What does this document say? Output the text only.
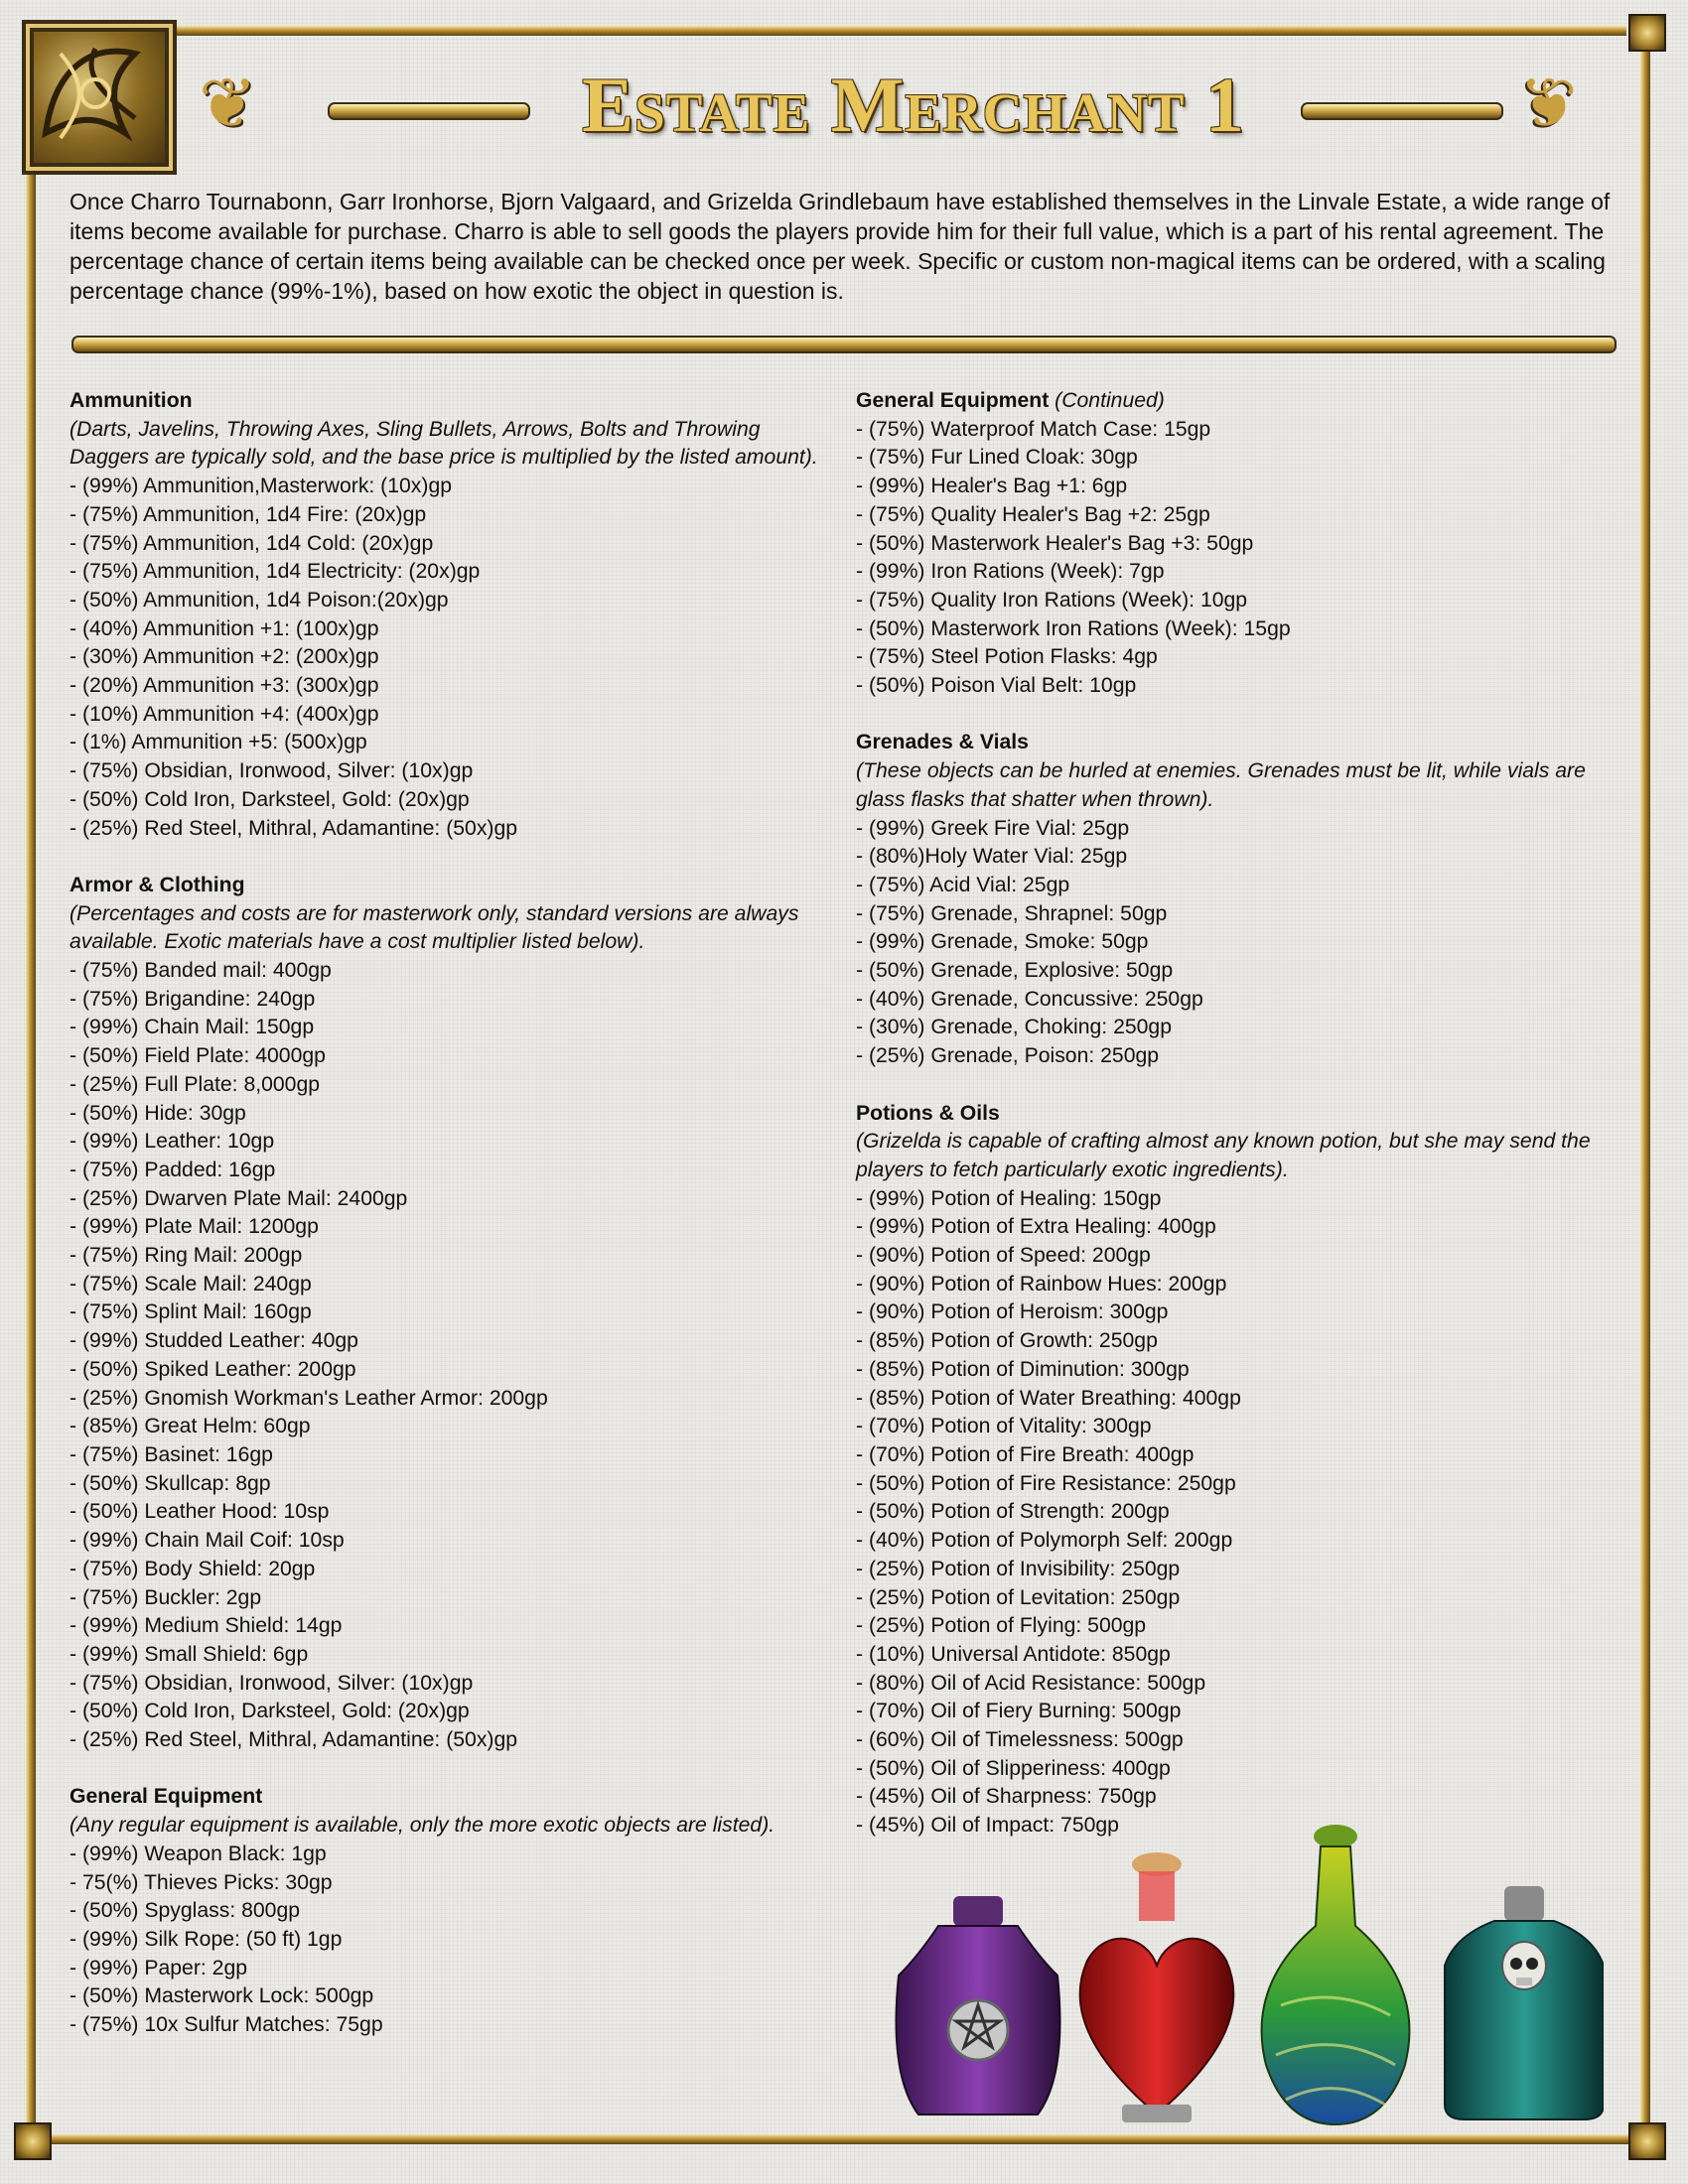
❦	Estate Merchant 1	❦
Once Charro Tournabonn, Garr Ironhorse, Bjorn Valgaard, and Grizelda Grindlebaum have established themselves in the Linvale Estate, a wide range of items become available for purchase. Charro is able to sell goods the players provide him for their full value, which is a part of his rental agreement. The percentage chance of certain items being available can be checked once per week. Specific or custom non-magical items can be ordered, with a scaling percentage chance (99%-1%), based on how exotic the object in question is.
Ammunition
(Darts, Javelins, Throwing Axes, Sling Bullets, Arrows, Bolts and Throwing Daggers are typically sold, and the base price is multiplied by the listed amount).
- (99%) Ammunition,Masterwork: (10x)gp
- (75%) Ammunition, 1d4 Fire: (20x)gp
- (75%) Ammunition, 1d4 Cold: (20x)gp
- (75%) Ammunition, 1d4 Electricity: (20x)gp
- (50%) Ammunition, 1d4 Poison:(20x)gp
- (40%) Ammunition +1: (100x)gp
- (30%) Ammunition +2: (200x)gp
- (20%) Ammunition +3: (300x)gp
- (10%) Ammunition +4: (400x)gp
- (1%) Ammunition +5: (500x)gp
- (75%) Obsidian, Ironwood, Silver: (10x)gp
- (50%) Cold Iron, Darksteel, Gold: (20x)gp
- (25%) Red Steel, Mithral, Adamantine: (50x)gp
Armor & Clothing
(Percentages and costs are for masterwork only, standard versions are always available. Exotic materials have a cost multiplier listed below).
- (75%) Banded mail: 400gp
- (75%) Brigandine: 240gp
- (99%) Chain Mail: 150gp
- (50%) Field Plate: 4000gp
- (25%) Full Plate: 8,000gp
- (50%) Hide: 30gp
- (99%) Leather: 10gp
- (75%) Padded: 16gp
- (25%) Dwarven Plate Mail: 2400gp
- (99%) Plate Mail: 1200gp
- (75%) Ring Mail: 200gp
- (75%) Scale Mail: 240gp
- (75%) Splint Mail: 160gp
- (99%) Studded Leather: 40gp
- (50%) Spiked Leather: 200gp
- (25%) Gnomish Workman's Leather Armor: 200gp
- (85%) Great Helm: 60gp
- (75%) Basinet: 16gp
- (50%) Skullcap: 8gp
- (50%) Leather Hood: 10sp
- (99%) Chain Mail Coif: 10sp
- (75%) Body Shield: 20gp
- (75%) Buckler: 2gp
- (99%) Medium Shield: 14gp
- (99%) Small Shield: 6gp
- (75%) Obsidian, Ironwood, Silver: (10x)gp
- (50%) Cold Iron, Darksteel, Gold: (20x)gp
- (25%) Red Steel, Mithral, Adamantine: (50x)gp
General Equipment
(Any regular equipment is available, only the more exotic objects are listed).
- (99%) Weapon Black: 1gp
- 75(%) Thieves Picks: 30gp
- (50%) Spyglass: 800gp
- (99%) Silk Rope: (50 ft) 1gp
- (99%) Paper: 2gp
- (50%) Masterwork Lock: 500gp
- (75%) 10x Sulfur Matches: 75gp
General Equipment (Continued)
- (75%) Waterproof Match Case: 15gp
- (75%) Fur Lined Cloak: 30gp
- (99%) Healer's Bag +1: 6gp
- (75%) Quality Healer's Bag +2: 25gp
- (50%) Masterwork Healer's Bag +3: 50gp
- (99%) Iron Rations (Week): 7gp
- (75%) Quality Iron Rations (Week): 10gp
- (50%) Masterwork Iron Rations (Week): 15gp
- (75%) Steel Potion Flasks: 4gp
- (50%) Poison Vial Belt: 10gp
Grenades & Vials
(These objects can be hurled at enemies. Grenades must be lit, while vials are glass flasks that shatter when thrown).
- (99%) Greek Fire Vial: 25gp
- (80%)Holy Water Vial: 25gp
- (75%) Acid Vial: 25gp
- (75%) Grenade, Shrapnel: 50gp
- (99%) Grenade, Smoke: 50gp
- (50%) Grenade, Explosive: 50gp
- (40%) Grenade, Concussive: 250gp
- (30%) Grenade, Choking: 250gp
- (25%) Grenade, Poison: 250gp
Potions & Oils
(Grizelda is capable of crafting almost any known potion, but she may send the players to fetch particularly exotic ingredients).
- (99%) Potion of Healing: 150gp
- (99%) Potion of Extra Healing: 400gp
- (90%) Potion of Speed: 200gp
- (90%) Potion of Rainbow Hues: 200gp
- (90%) Potion of Heroism: 300gp
- (85%) Potion of Growth: 250gp
- (85%) Potion of Diminution: 300gp
- (85%) Potion of Water Breathing: 400gp
- (70%) Potion of Vitality: 300gp
- (70%) Potion of Fire Breath: 400gp
- (50%) Potion of Fire Resistance: 250gp
- (50%) Potion of Strength: 200gp
- (40%) Potion of Polymorph Self: 200gp
- (25%) Potion of Invisibility: 250gp
- (25%) Potion of Levitation: 250gp
- (25%) Potion of Flying: 500gp
- (10%) Universal Antidote: 850gp
- (80%) Oil of Acid Resistance: 500gp
- (70%) Oil of Fiery Burning: 500gp
- (60%) Oil of Timelessness: 500gp
- (50%) Oil of Slipperiness: 400gp
- (45%) Oil of Sharpness: 750gp
- (45%) Oil of Impact: 750gp
